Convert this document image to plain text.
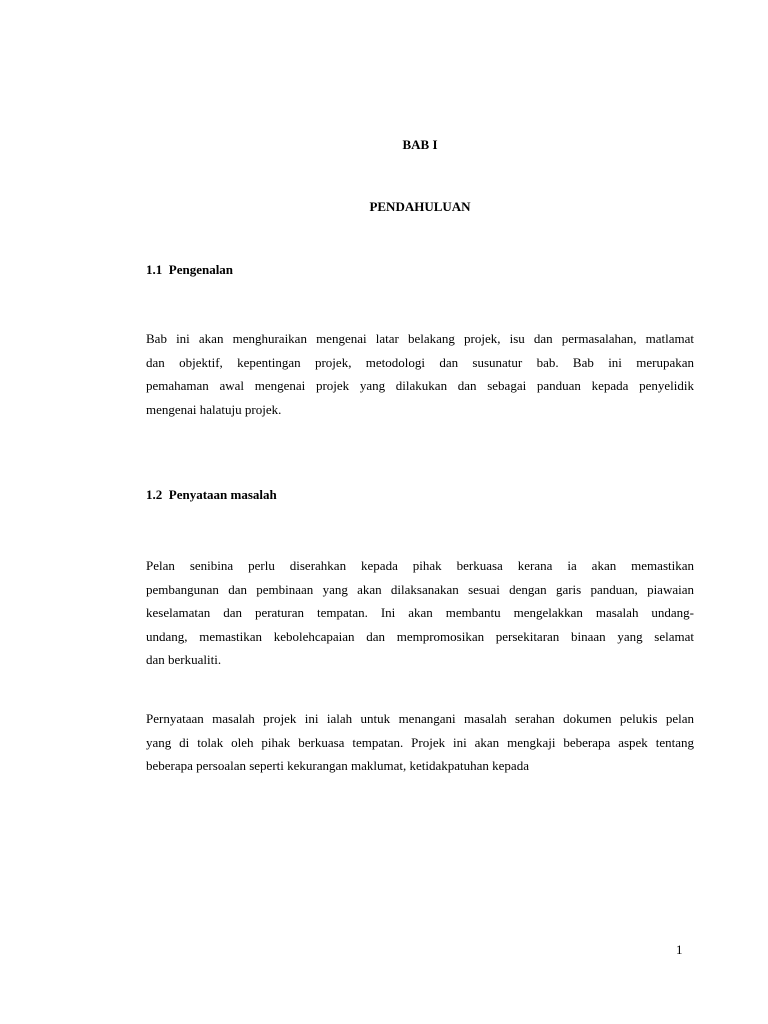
BAB I
PENDAHULUAN
1.1  Pengenalan
Bab ini akan menghuraikan mengenai latar belakang projek, isu dan permasalahan, matlamat
dan objektif, kepentingan projek, metodologi dan susunatur bab. Bab ini merupakan
pemahaman awal mengenai projek yang dilakukan dan sebagai panduan kepada penyelidik
mengenai halatuju projek.
1.2  Penyataan masalah
Pelan senibina perlu diserahkan kepada pihak berkuasa kerana ia akan memastikan
pembangunan dan pembinaan yang akan dilaksanakan sesuai dengan garis panduan, piawaian
keselamatan dan peraturan tempatan. Ini akan membantu mengelakkan masalah undang-
undang, memastikan kebolehcapaian dan mempromosikan persekitaran binaan yang selamat
dan berkualiti.
Pernyataan masalah projek ini ialah untuk menangani masalah serahan dokumen pelukis pelan
yang di tolak oleh pihak berkuasa tempatan. Projek ini akan mengkaji beberapa aspek tentang
beberapa persoalan seperti kekurangan maklumat, ketidakpatuhan kepada
1
